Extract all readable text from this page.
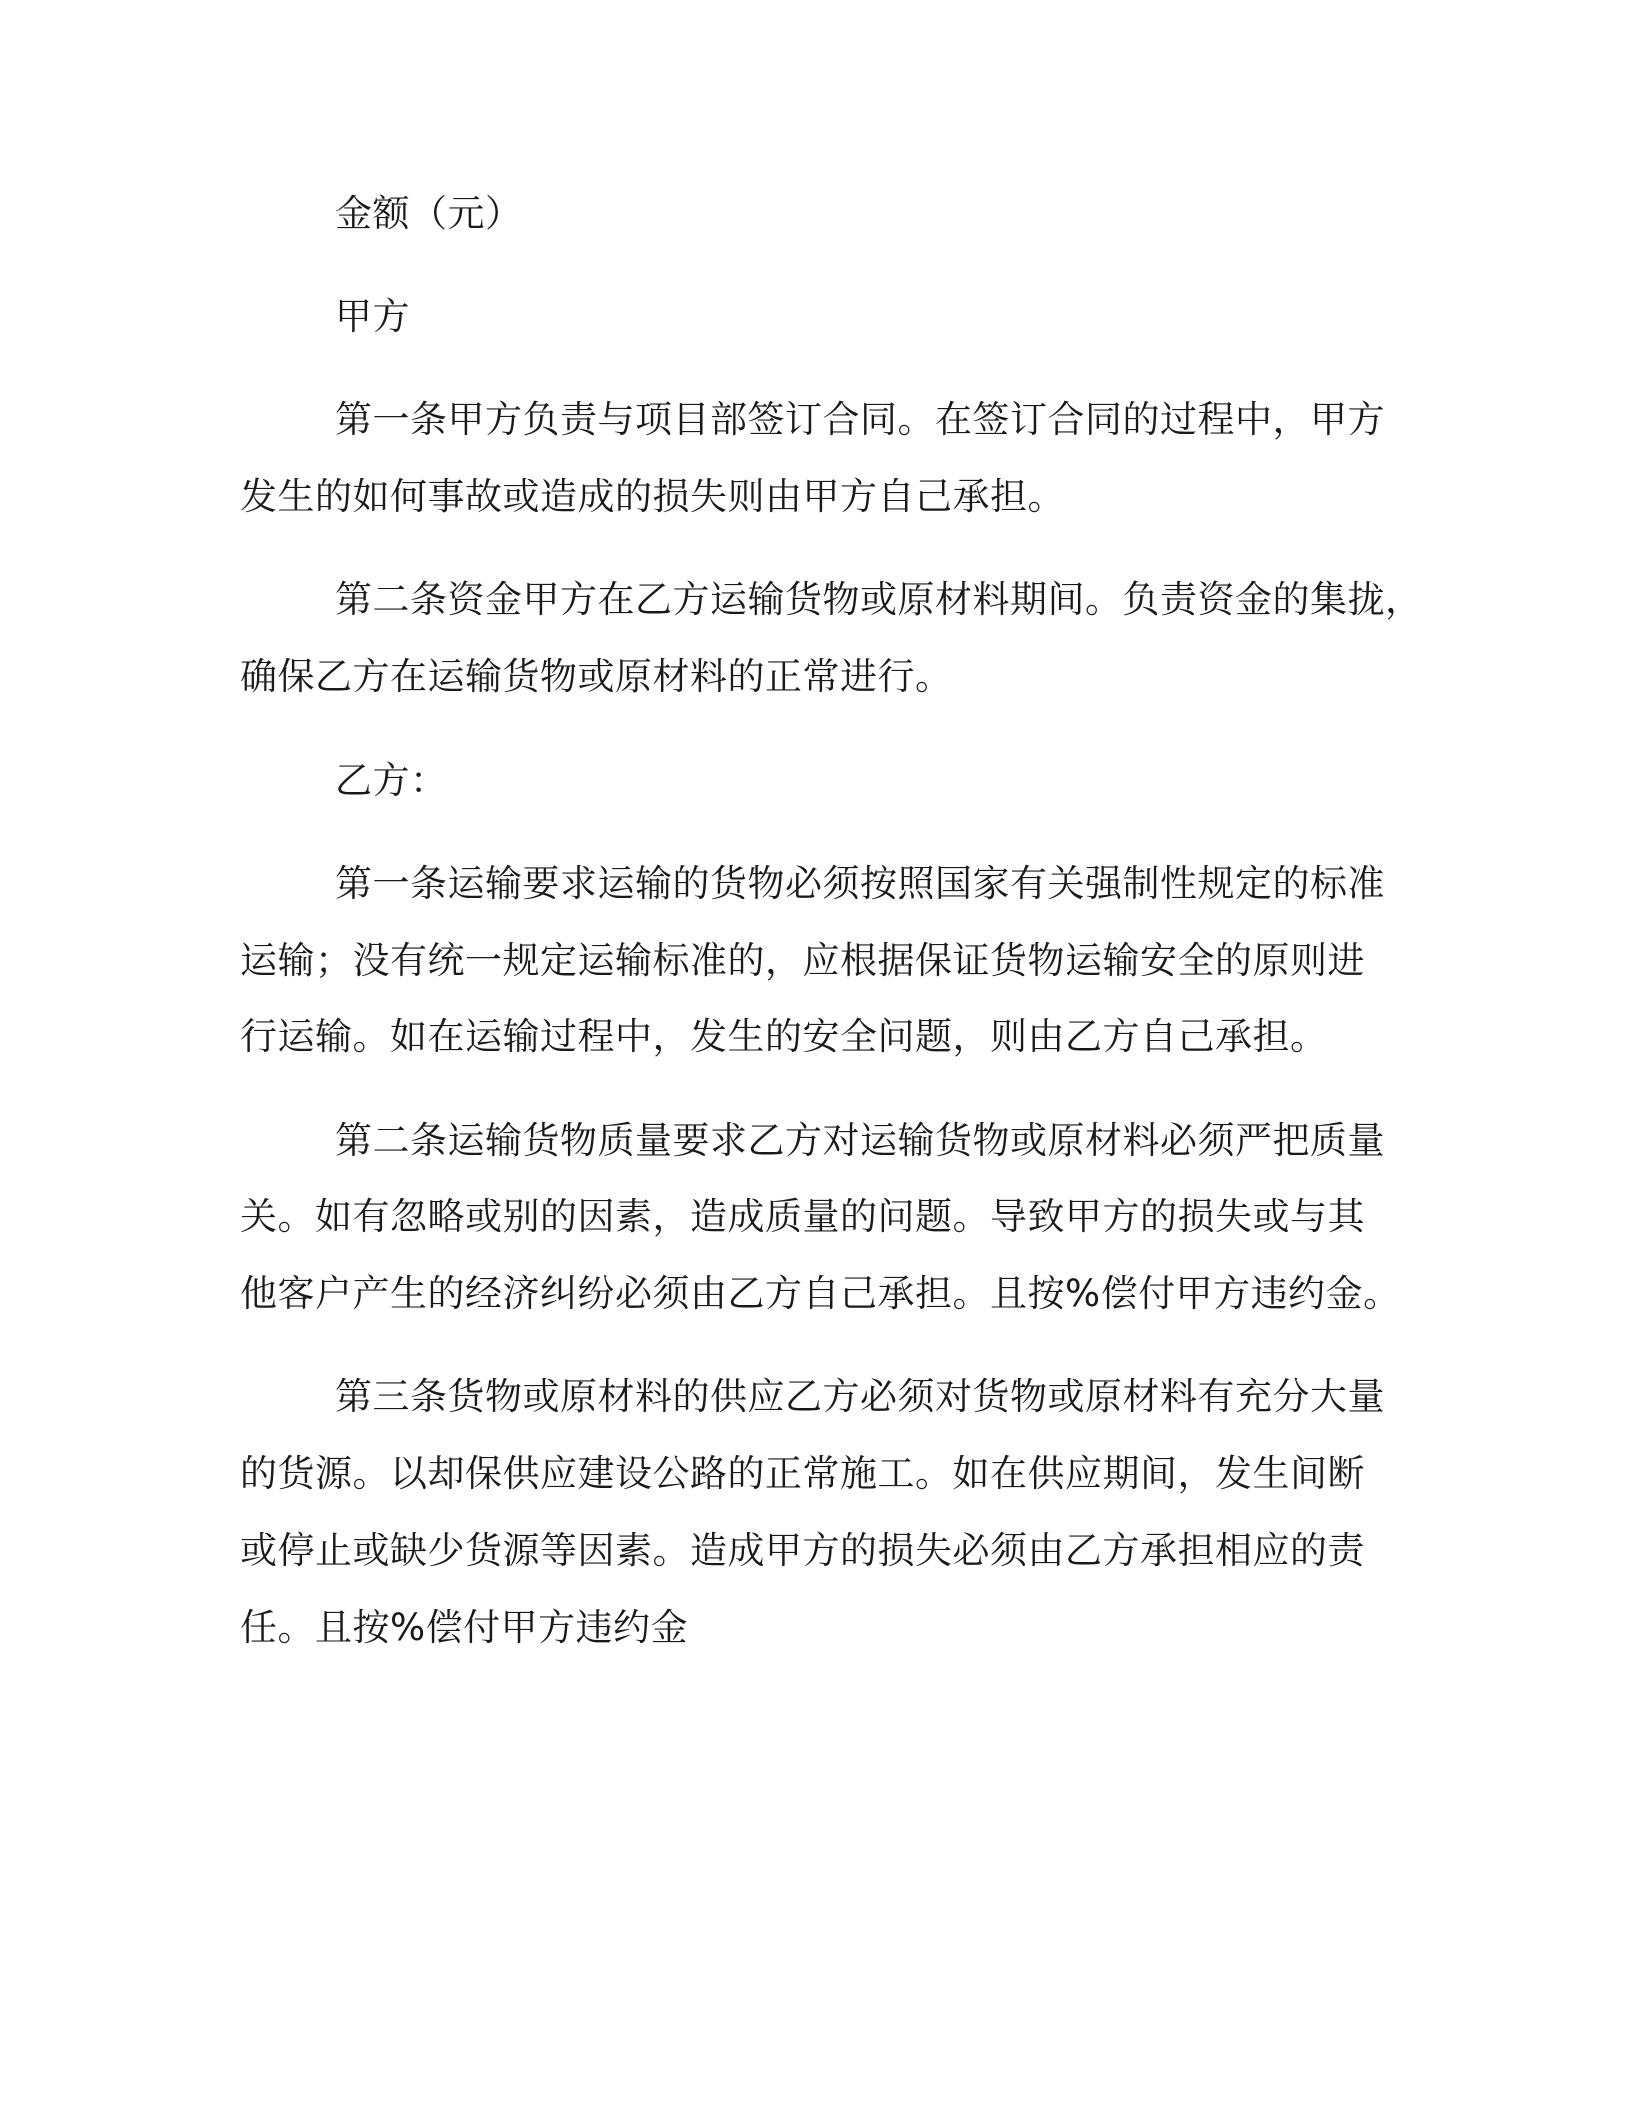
金额（元）
甲方
第一条甲方负责与项目部签订合同。在签订合同的过程中，甲方
发生的如何事故或造成的损失则由甲方自己承担。
第二条资金甲方在乙方运输货物或原材料期间。负责资金的集拢，
确保乙方在运输货物或原材料的正常进行。
乙方：
第一条运输要求运输的货物必须按照国家有关强制性规定的标准
运输；没有统一规定运输标准的，应根据保证货物运输安全的原则进
行运输。如在运输过程中，发生的安全问题，则由乙方自己承担。
第二条运输货物质量要求乙方对运输货物或原材料必须严把质量
关。如有忽略或别的因素，造成质量的问题。导致甲方的损失或与其
他客户产生的经济纠纷必须由乙方自己承担。且按%偿付甲方违约金。
第三条货物或原材料的供应乙方必须对货物或原材料有充分大量
的货源。以却保供应建设公路的正常施工。如在供应期间，发生间断
或停止或缺少货源等因素。造成甲方的损失必须由乙方承担相应的责
任。且按%偿付甲方违约金
